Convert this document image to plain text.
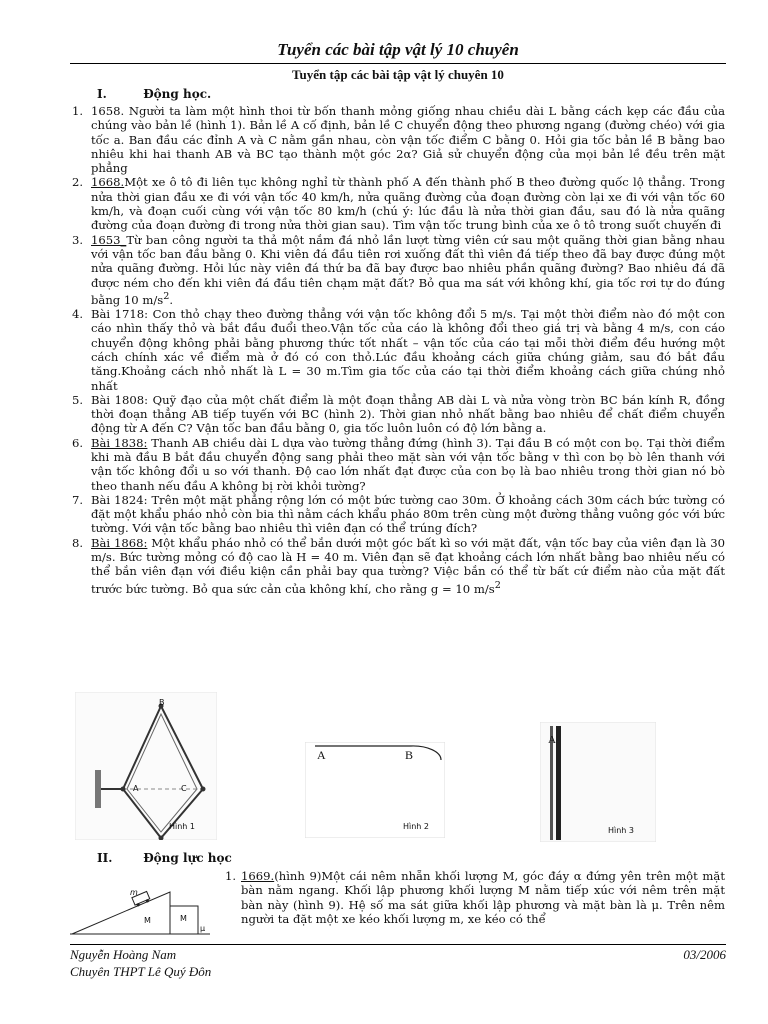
Tuyển các bài tập vật lý 10 chuyên
Tuyển tập các bài tập vật lý chuyên 10
I.	Động học.
1. 1658. Người ta làm một hình thoi từ bốn thanh mỏng giống nhau chiều dài L bằng cách kẹp các đầu của chúng vào bản lề (hình 1). Bản lề A cố định, bản lề C chuyển động theo phương ngang (đường chéo) với gia tốc a. Ban đầu các đỉnh A và C nằm gần nhau, còn vận tốc điểm C bằng 0. Hỏi gia tốc bản lề B bằng bao nhiêu khi hai thanh AB và BC tạo thành một góc 2α? Giả sử chuyển động của mọi bản lề đều trên mặt phẳng
2. 1668.Một xe ô tô đi liên tục không nghỉ từ thành phố A đến thành phố B theo đường quốc lộ thẳng. Trong nửa thời gian đầu xe đi với vận tốc 40 km/h, nửa quãng đường của đoạn đường còn lại xe đi với vận tốc 60 km/h, và đoạn cuối cùng với vận tốc 80 km/h (chú ý: lúc đầu là nửa thời gian đầu, sau đó là nửa quãng đường của đoạn đường đi trong nửa thời gian sau). Tìm vận tốc trung bình của xe ô tô trong suốt chuyến đi
3. 1653_Từ ban công người ta thả một nắm đá nhỏ lần lượt từng viên cứ sau một quãng thời gian bằng nhau với vận tốc ban đầu bằng 0. Khi viên đá đầu tiên rơi xuống đất thì viên đá tiếp theo đã bay được đúng một nửa quãng đường. Hỏi lúc này viên đá thứ ba đã bay được bao nhiêu phần quãng đường? Bao nhiêu đá đã được ném cho đến khi viên đá đầu tiên chạm mặt đất? Bỏ qua ma sát với không khí, gia tốc rơi tự do đúng bằng 10 $m/s^2$.
4. Bài 1718: Con thỏ chạy theo đường thẳng với vận tốc không đổi 5 m/s. Tại một thời điểm nào đó một con cáo nhìn thấy thỏ và bắt đầu đuổi theo.Vận tốc của cáo là không đổi theo giá trị và bằng 4 m/s, con cáo chuyển động không phải bằng phương thức tốt nhất – vận tốc của cáo tại mỗi thời điểm đều hướng một cách chính xác về điểm mà ở đó có con thỏ.Lúc đầu khoảng cách giữa chúng giảm, sau đó bắt đầu tăng.Khoảng cách nhỏ nhất là L = 30 m.Tìm gia tốc của cáo tại thời điểm khoảng cách giữa chúng nhỏ nhất
5. Bài 1808: Quỹ đạo của một chất điểm là một đoạn thẳng AB dài L và nửa vòng tròn BC bán kính R, đồng thời đoạn thẳng AB tiếp tuyến với BC (hình 2). Thời gian nhỏ nhất bằng bao nhiêu để chất điểm chuyển động từ A đến C? Vận tốc ban đầu bằng 0, gia tốc luôn luôn có độ lớn bằng a.
6. Bài 1838: Thanh AB chiều dài L dựa vào tường thẳng đứng (hình 3). Tại đầu B có một con bọ. Tại thời điểm khi mà đầu B bắt đầu chuyển động sang phải theo mặt sàn với vận tốc bằng v thì con bọ bò lên thanh với vận tốc không đổi u so với thanh. Độ cao lớn nhất đạt được của con bọ là bao nhiêu trong thời gian nó bò theo thanh nếu đầu A không bị rời khỏi tường?
7. Bài 1824: Trên một mặt phẳng rộng lớn có một bức tường cao 30m. Ở khoảng cách 30m cách bức tường có đặt một khẩu pháo nhỏ còn bia thì nằm cách khẩu pháo 80m trên cùng một đường thẳng vuông góc với bức tường. Với vận tốc bằng bao nhiêu thì viên đạn có thể trúng đích?
8. Bài 1868: Một khẩu pháo nhỏ có thể bắn dưới một góc bất kì so với mặt đất, vận tốc bay của viên đạn là 30 m/s. Bức tường mỏng có độ cao là H = 40 m. Viên đạn sẽ đạt khoảng cách lớn nhất bằng bao nhiêu nếu có thể bắn viên đạn với điều kiện cần phải bay qua tường? Việc bắn có thể từ bất cứ điểm nào của mặt đất trước bức tường. Bỏ qua sức cản của không khí, cho rằng g = 10 $m/s^2$
B
A	C
Hình 1
A	B
Hình 2
A
Hình 3
II.	Động lực học
m
M	M
μ
1. 1669.(hình 9)Một cái nêm nhẵn khối lượng M, góc đáy α đứng yên trên một mặt bàn nằm ngang. Khối lập phương khối lượng M nằm tiếp xúc với nêm trên mặt bàn này (hình 9). Hệ số ma sát giữa khối lập phương và mặt bàn là μ. Trên nêm người ta đặt một xe kéo khối lượng m, xe kéo có thể
Nguyễn Hoàng Nam
Chuyên THPT Lê Quý Đôn
03/2006
